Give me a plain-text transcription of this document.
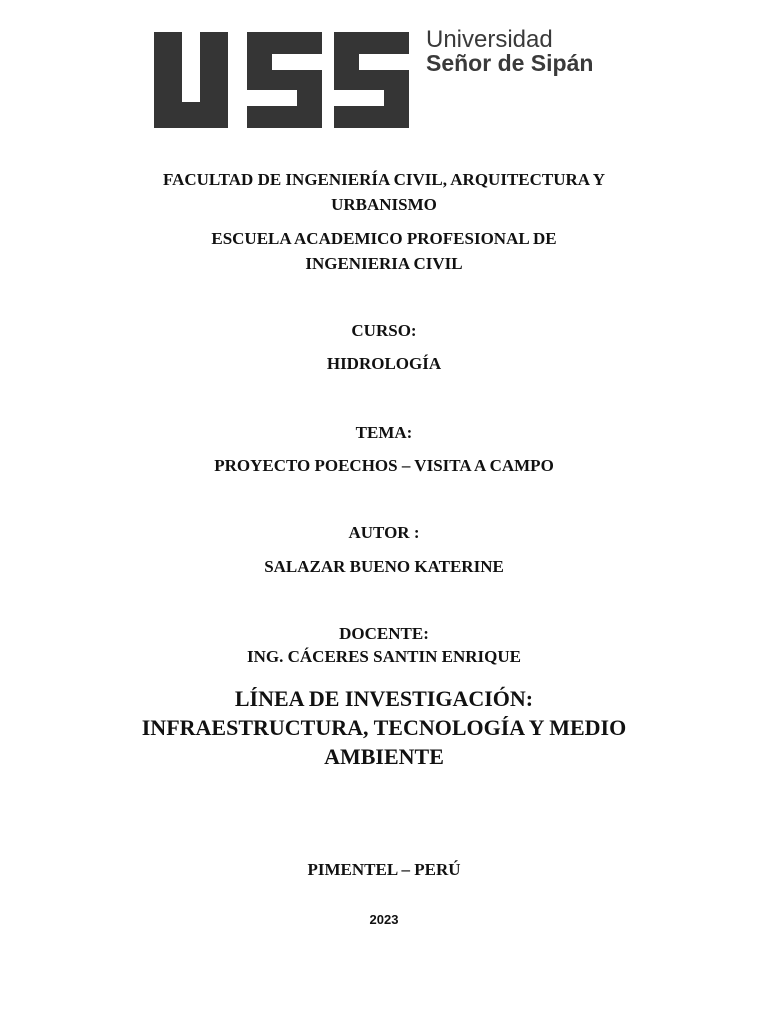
Universidad
Señor de Sipán
FACULTAD DE INGENIERÍA CIVIL, ARQUITECTURA Y
URBANISMO
ESCUELA ACADEMICO PROFESIONAL DE
INGENIERIA CIVIL
CURSO:
HIDROLOGÍA
TEMA:
PROYECTO POECHOS – VISITA A CAMPO
AUTOR :
SALAZAR BUENO KATERINE
DOCENTE:
ING. CÁCERES SANTIN ENRIQUE
LÍNEA DE INVESTIGACIÓN:
INFRAESTRUCTURA, TECNOLOGÍA Y MEDIO
AMBIENTE
PIMENTEL – PERÚ
2023
